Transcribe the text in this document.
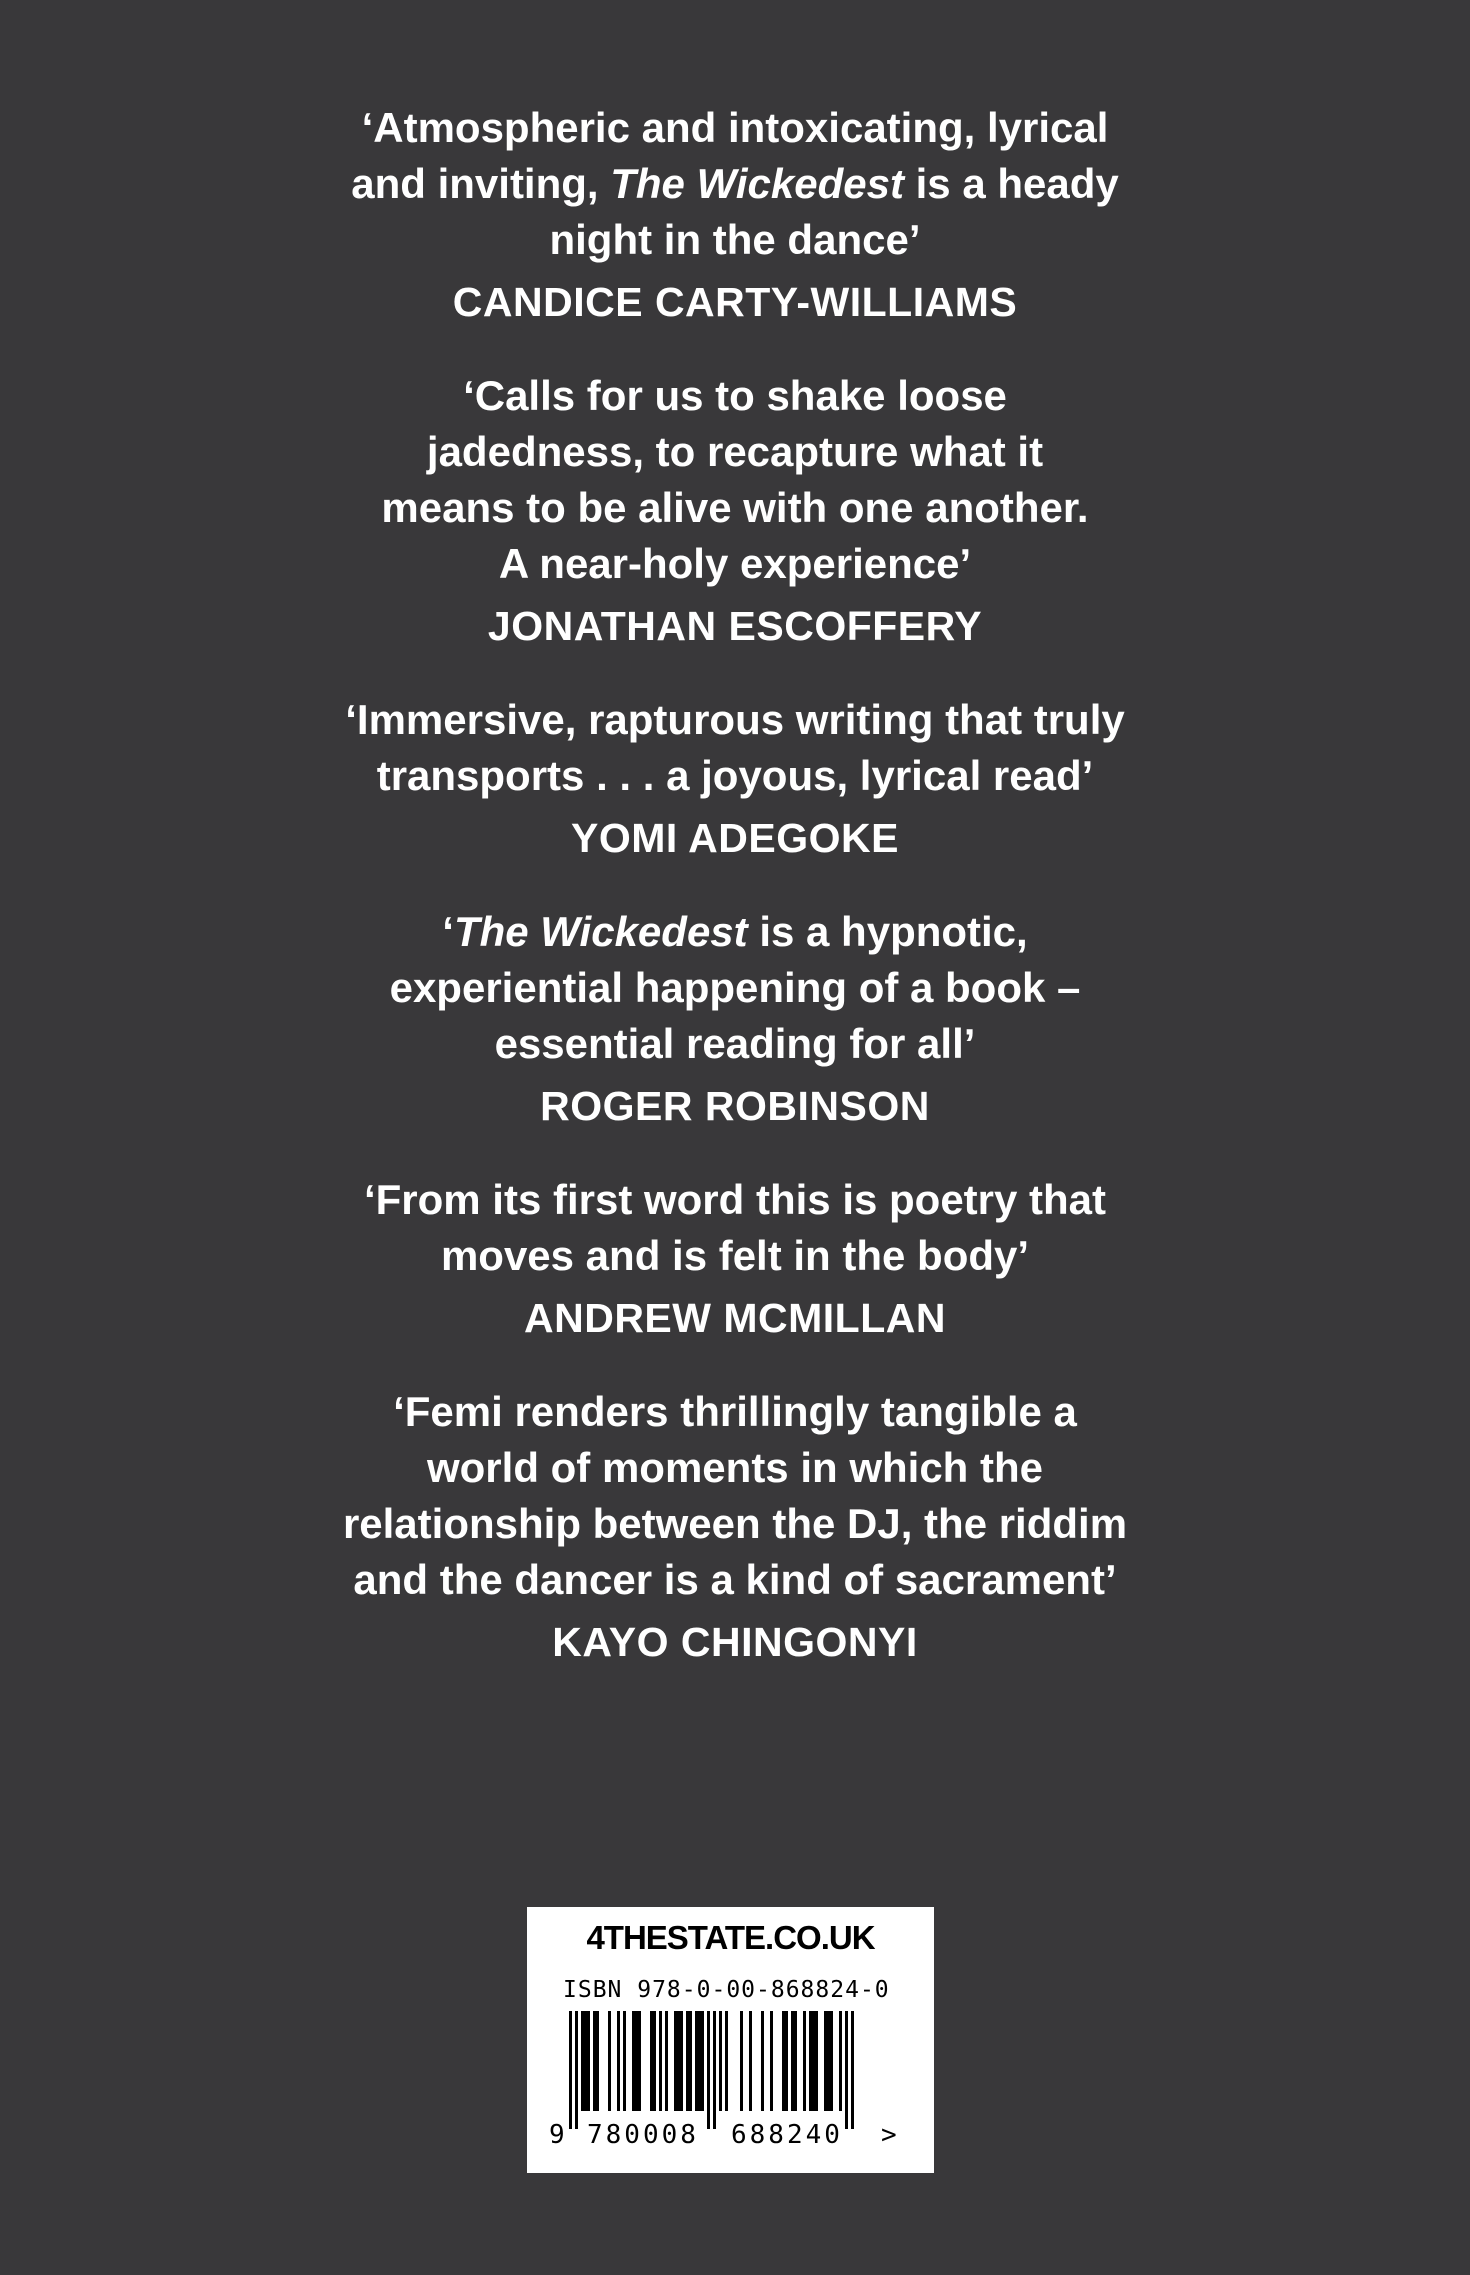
‘Atmospheric and intoxicating, lyrical
and inviting, The Wickedest is a heady
night in the dance’
CANDICE CARTY-WILLIAMS
‘Calls for us to shake loose
jadedness, to recapture what it
means to be alive with one another.
A near-holy experience’
JONATHAN ESCOFFERY
‘Immersive, rapturous writing that truly
transports . . . a joyous, lyrical read’
YOMI ADEGOKE
‘The Wickedest is a hypnotic,
experiential happening of a book –
essential reading for all’
ROGER ROBINSON
‘From its first word this is poetry that
moves and is felt in the body’
ANDREW MCMILLAN
‘Femi renders thrillingly tangible a
world of moments in which the
relationship between the DJ, the riddim
and the dancer is a kind of sacrament’
KAYO CHINGONYI
4THESTATE.CO.UK
ISBN 978-0-00-868824-0
9 780008 688240 >
